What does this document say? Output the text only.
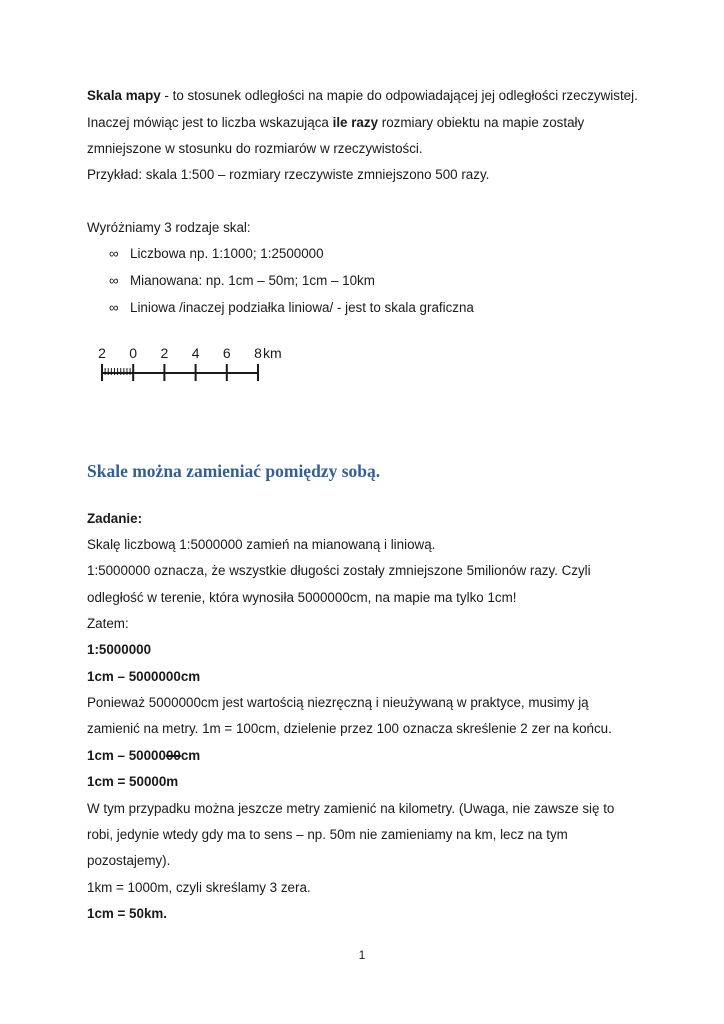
Skala mapy - to stosunek odległości na mapie do odpowiadającej jej odległości rzeczywistej.
Inaczej mówiąc jest to liczba wskazująca ile razy rozmiary obiektu na mapie zostały
zmniejszone w stosunku do rozmiarów w rzeczywistości.
Przykład: skala 1:500 – rozmiary rzeczywiste zmniejszono 500 razy.
Wyróżniamy 3 rodzaje skal:
∞ Liczbowa np. 1:1000; 1:2500000
∞ Mianowana: np. 1cm – 50m; 1cm – 10km
∞ Liniowa /inaczej podziałka liniowa/ - jest to skala graficzna
2 0 2 4 6 8 km
Skale można zamieniać pomiędzy sobą.
Zadanie:
Skalę liczbową 1:5000000 zamień na mianowaną i liniową.
1:5000000 oznacza, że wszystkie długości zostały zmniejszone 5milionów razy. Czyli
odległość w terenie, która wynosiła 5000000cm, na mapie ma tylko 1cm!
Zatem:
1:5000000
1cm – 5000000cm
Ponieważ 5000000cm jest wartością niezręczną i nieużywaną w praktyce, musimy ją
zamienić na metry. 1m = 100cm, dzielenie przez 100 oznacza skreślenie 2 zer na końcu.
1cm – 5000000cm
1cm = 50000m
W tym przypadku można jeszcze metry zamienić na kilometry. (Uwaga, nie zawsze się to
robi, jedynie wtedy gdy ma to sens – np. 50m nie zamieniamy na km, lecz na tym
pozostajemy).
1km = 1000m, czyli skreślamy 3 zera.
1cm = 50km.
1
